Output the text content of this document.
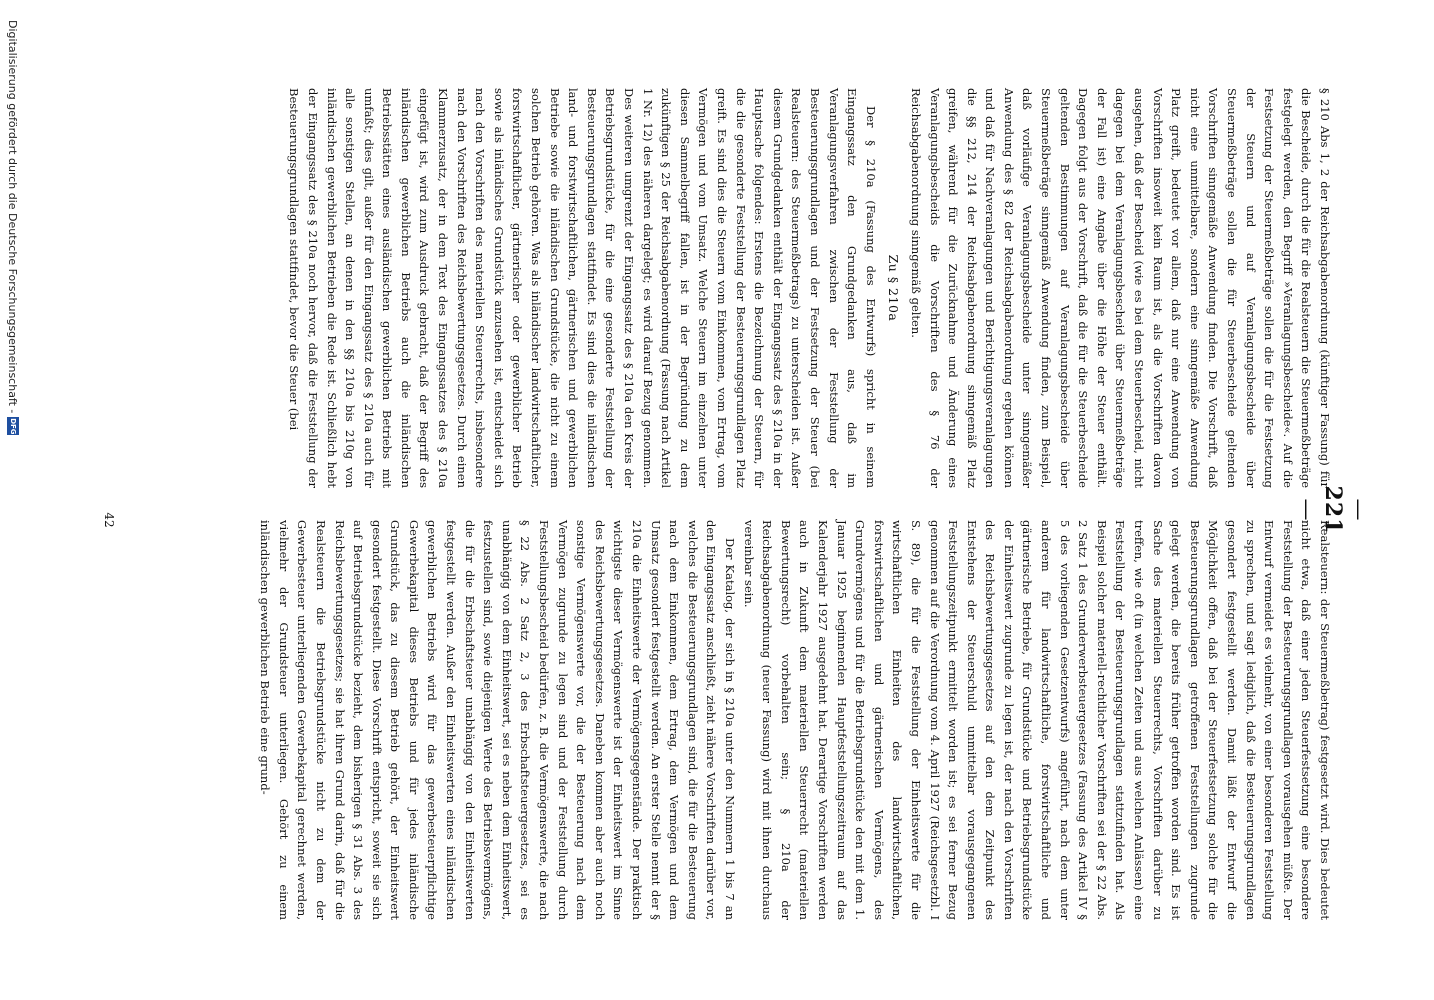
—221—

§ 210 Abs 1, 2 der Reichsabgabenordnung (künftiger Fassung) für die Bescheide, durch die für die Realsteuern die Steuermeßbeträge festgelegt werden, den Begriff »Veranlagungsbescheide«. Auf die Festsetzung der Steuermeßbeträge sollen die für die Festsetzung der Steuern und auf Veranlagungsbescheide über Steuermeßbeträge sollen die für Steuerbescheide geltenden Vorschriften sinngemäße Anwendung finden. Die Vorschrift, daß nicht eine unmittelbare, sondern eine sinngemäße Anwendung Platz greift, bedeutet vor allem, daß nur eine Anwendung von Vorschriften insoweit kein Raum ist, als die Vorschriften davon ausgehen, daß der Bescheid (wie es bei dem Steuerbescheid, nicht dagegen bei dem Veranlagungsbescheid über Steuermeßbeträge der Fall ist) eine Angabe über die Höhe der Steuer enthält. Dagegen folgt aus der Vorschrift, daß die für die Steuerbescheide geltenden Bestimmungen auf Veranlagungsbescheide über Steuermeßbeträge sinngemäß Anwendung finden, zum Beispiel, daß vorläufige Veranlagungsbescheide unter sinngemäßer Anwendung des § 82 der Reichsabgabenordnung ergehen können und daß für Nachveranlagungen und Berichtigungsveranlagungen die §§ 212, 214 der Reichsabgabenordnung sinngemäß Platz greifen, während für die Zurücknahme und Änderung eines Veranlagungsbescheids die Vorschriften des § 76 der Reichsabgabenordnung sinngemäß gelten.

Zu § 210a

Der § 210a (Fassung des Entwurfs) spricht in seinem Eingangssatz den Grundgedanken aus, daß im Veranlagungsverfahren zwischen der Feststellung der Besteuerungsgrundlagen und der Festsetzung der Steuer (bei Realsteuern: des Steuermeßbetrags) zu unterscheiden ist. Außer diesem Grundgedanken enthält der Eingangssatz des § 210a in der Hauptsache folgendes: Erstens die Bezeichnung der Steuern, für die die gesonderte Feststellung der Besteuerungsgrundlagen Platz greift. Es sind dies die Steuern vom Einkommen, vom Ertrag, vom Vermögen und vom Umsatz. Welche Steuern im einzelnen unter diesen Sammelbegriff fallen, ist in der Begründung zu dem zukünftigen § 25 der Reichsabgabenordnung (Fassung nach Artikel 1 Nr. 12) des näheren dargelegt; es wird darauf Bezug genommen. Des weiteren umgrenzt der Eingangssatz des § 210a den Kreis der Betriebsgrundstücke, für die eine gesonderte Feststellung der Besteuerungsgrundlagen stattfindet. Es sind dies die inländischen land- und forstwirtschaftlichen, gärtnerischen und gewerblichen Betriebe sowie die inländischen Grundstücke, die nicht zu einem solchen Betrieb gehören. Was als inländischer landwirtschaftlicher, forstwirtschaftlicher, gärtnerischer oder gewerblicher Betrieb sowie als inländisches Grundstück anzusehen ist, entscheidet sich nach den Vorschriften des materiellen Steuerrechts, insbesondere nach den Vorschriften des Reichsbewertungsgesetzes. Durch einen Klammerzusatz, der in dem Text des Eingangssatzes des § 210a eingefügt ist, wird zum Ausdruck gebracht, daß der Begriff des inländischen gewerblichen Betriebs auch die inländischen Betriebsstätten eines ausländischen gewerblichen Betriebs mit umfaßt; dies gilt, außer für den Eingangssatz des § 210a auch für alle sonstigen Stellen, an denen in den §§ 210a bis 210g von inländischen gewerblichen Betrieben die Rede ist. Schließlich hebt der Eingangssatz des § 210a noch hervor, daß die Feststellung der Besteuerungsgrundlagen stattfindet, bevor die Steuer (bei

Realsteuern: der Steuermeßbetrag) festgesetzt wird. Dies bedeutet nicht etwa, daß einer jeden Steuerfestsetzung eine besondere Feststellung der Besteuerungsgrundlagen vorausgehen müßte. Der Entwurf vermeidet es vielmehr, von einer besonderen Feststellung zu sprechen, und sagt lediglich, daß die Besteuerungsgrundlagen gesondert festgestellt werden. Damit läßt der Entwurf die Möglichkeit offen, daß bei der Steuerfestsetzung solche für die Besteuerungsgrundlagen getroffenen Feststellungen zugrunde gelegt werden, die bereits früher getroffen worden sind. Es ist Sache des materiellen Steuerrechts, Vorschriften darüber zu treffen, wie oft (in welchen Zeiten und aus welchen Anlässen) eine Feststellung der Besteuerungsgrundlagen stattzufinden hat. Als Beispiel solcher materiell-rechtlicher Vorschriften sei der § 22 Abs. 2 Satz 1 des Grunderwerbsteuergesetzes (Fassung des Artikel IV § 5 des vorliegenden Gesetzentwurfs) angeführt, nach dem unter anderem für landwirtschaftliche, forstwirtschaftliche und gärtnerische Betriebe, für Grundstücke und Betriebsgrundstücke der Einheitswert zugrunde zu legen ist, der nach den Vorschriften des Reichsbewertungsgesetzes auf den dem Zeitpunkt des Entstehens der Steuerschuld unmittelbar vorausgegangenen Feststellungszeitpunkt ermittelt worden ist; es sei ferner Bezug genommen auf die Verordnung vom 4. April 1927 (Reichsgesetzbl. I S. 89), die für die Feststellung der Einheitswerte für die wirtschaftlichen Einheiten des landwirtschaftlichen, forstwirtschaftlichen und gärtnerischen Vermögens, des Grundvermögens und für die Betriebsgrundstücke den mit dem 1. Januar 1925 beginnenden Hauptfeststellungszeitraum auf das Kalenderjahr 1927 ausgedehnt hat. Derartige Vorschriften werden auch in Zukunft dem materiellen Steuerrecht (materiellen Bewertungsrecht) vorbehalten sein; § 210a der Reichsabgabenordnung (neuer Fassung) wird mit ihnen durchaus vereinbar sein.

Der Katalog, der sich in § 210a unter den Nummern 1 bis 7 an den Eingangssatz anschließt, zieht nähere Vorschriften darüber vor, welches die Besteuerungsgrundlagen sind, die für die Besteuerung nach dem Einkommen, dem Ertrag, dem Vermögen und dem Umsatz gesondert festgestellt werden. An erster Stelle nennt der § 210a die Einheitswerte der Vermögensgegenstände. Der praktisch wichtigste dieser Vermögenswerte ist der Einheitswert im Sinne des Reichsbewertungsgesetzes. Daneben kommen aber auch noch sonstige Vermögenswerte vor, die der Besteuerung nach dem Vermögen zugrunde zu legen sind und der Feststellung durch Feststellungsbescheid bedürfen, z. B. die Vermögenswerte, die nach § 22 Abs. 2 Satz 2, 3 des Erbschaftsteuergesetzes, sei es unabhängig von dem Einheitswert, sei es neben dem Einheitswert, festzustellen sind, sowie diejenigen Werte des Betriebsvermögens, die für die Erbschaftsteuer unabhängig von den Einheitswerten festgestellt werden. Außer den Einheitswerten eines inländischen gewerblichen Betriebs wird für das gewerbesteuerpflichtige Gewerbekapital dieses Betriebs und für jedes inländische Grundstück, das zu diesem Betrieb gehört, der Einheitswert gesondert festgestellt. Diese Vorschrift entspricht, soweit sie sich auf Betriebsgrundstücke bezieht, dem bisherigen § 31 Abs. 3 des Reichsbewertungsgesetzes; sie hat ihren Grund darin, daß für die Realsteuern die Betriebsgrundstücke nicht zu dem der Gewerbesteuer unterliegenden Gewerbekapital gerechnet werden, vielmehr der Grundsteuer unterliegen. Gehört zu einem inländischen gewerblichen Betrieb eine grund-

42
Digitalisierung gefördert durch die Deutsche Forschungsgemeinschaft -
DFG
